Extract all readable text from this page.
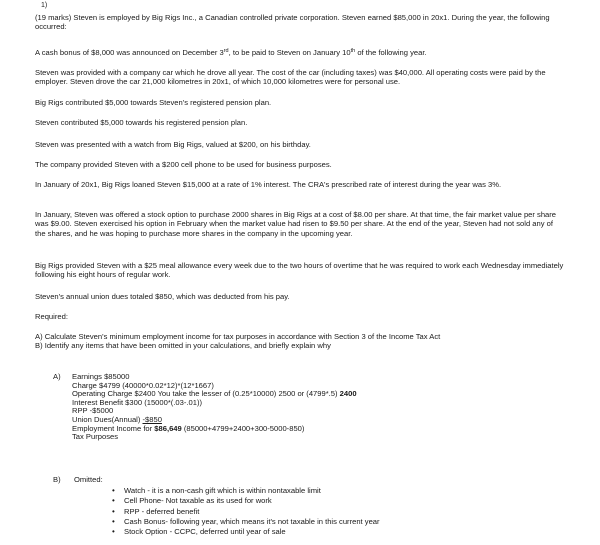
1)

(19 marks) Steven is employed by Big Rigs Inc., a Canadian controlled private corporation. Steven earned $85,000 in 20x1. During the year, the following occurred:

A cash bonus of $8,000 was announced on December 3rd, to be paid to Steven on January 10th of the following year.

Steven was provided with a company car which he drove all year. The cost of the car (including taxes) was $40,000. All operating costs were paid by the employer. Steven drove the car 21,000 kilometres in 20x1, of which 10,000 kilometres were for personal use.

Big Rigs contributed $5,000 towards Steven's registered pension plan.

Steven contributed $5,000 towards his registered pension plan.

Steven was presented with a watch from Big Rigs, valued at $200, on his birthday.

The company provided Steven with a $200 cell phone to be used for business purposes.

In January of 20x1, Big Rigs loaned Steven $15,000 at a rate of 1% interest. The CRA's prescribed rate of interest during the year was 3%.

In January, Steven was offered a stock option to purchase 2000 shares in Big Rigs at a cost of $8.00 per share. At that time, the fair market value per share was $9.00. Steven exercised his option in February when the market value had risen to $9.50 per share. At the end of the year, Steven had not sold any of the shares, and he was hoping to purchase more shares in the company in the upcoming year.

Big Rigs provided Steven with a $25 meal allowance every week due to the two hours of overtime that he was required to work each Wednesday immediately following his eight hours of regular work.

Steven's annual union dues totaled $850, which was deducted from his pay.

Required:

A) Calculate Steven's minimum employment income for tax purposes in accordance with Section 3 of the Income Tax Act

B) Identify any items that have been omitted in your calculations, and briefly explain why

A) Earnings $85000
Charge $4799 (40000*0.02*12)*(12*1667)
Operating Charge $2400 You take the lesser of (0.25*10000) 2500 or (4799*.5) 2400
Interest Benefit $300 (15000*(.03-.01))
RPP -$5000
Union Dues(Annual) -$850
Employment Income for $86,649 (85000+4799+2400+300-5000-850)
Tax Purposes
B) Omitted:
• Watch - it is a non-cash gift which is within nontaxable limit
• Cell Phone- Not taxable as its used for work
• RPP - deferred benefit
• Cash Bonus- following year, which means it's not taxable in this current year
• Stock Option - CCPC, deferred until year of sale
